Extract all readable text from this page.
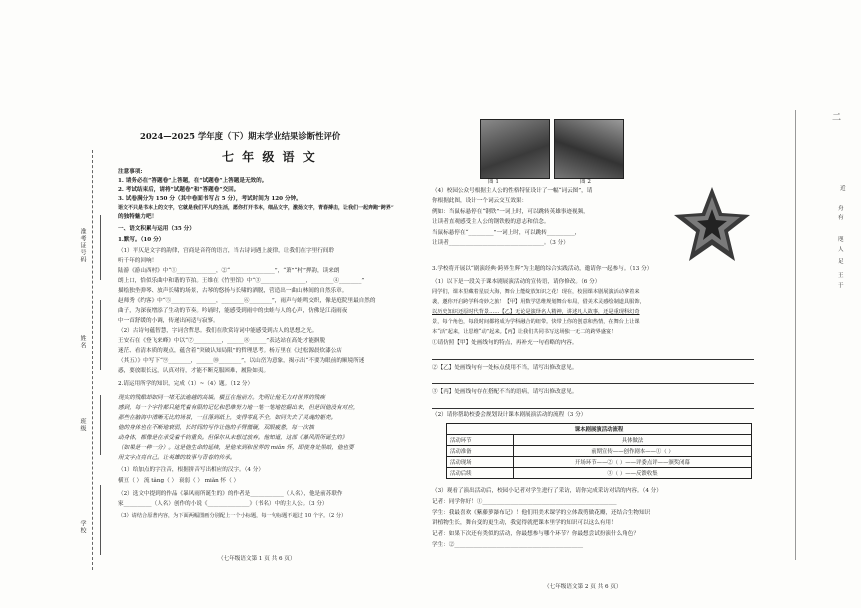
准考证号码
姓名
班级
学校
2024—2025 学年度（下）期末学业结果诊断性评价
七 年 级 语 文
注意事项:
1. 请务必在“答题卷”上答题，在“试题卷”上答题是无效的。
2. 考试结束后，请将“试题卷”和“答题卷”交回。
3. 试卷满分为 150 分（其中卷面书写占 5 分），考试时间为 120 分钟。
语文不只是书本上的文字，它就是我们平凡的生活，愿你打开书本，细品文字，激扬文字，青春搏击，让我们一起奔跑“跨界”
的独特魅力吧！
一、语文积累与运用（35 分）
1.默写。（10 分）
（1）平仄是文字的韵律，宫商是音符的语言，当古诗词遇上旋律，让我们在字里行间聆
听千年的回响！
陆游《游山西村》中“①______________，②“________________”，“萧”“村”押韵，读来朗
朗上口，恰似乐曲中和谐的节拍。王维在《竹里馆》中“③________________，________④________”
描绘独坐弹琴、放声长啸的场景，古琴的悠扬与长啸的洒脱，营造出一曲山林间的自然乐章。
赵师秀《约客》中“⑤________________，________⑥________”，雨声与蛙鸣交织，像是庭院里最自然的
曲子，为深夜增添了生动的节奏。吟诵时，能感受到雨中的虫蛙与人的心声，仿佛是江南雨夜
中一首舒缓的小调，传递出闲适与寂寥。
（2）古诗句蕴智慧，字词含哲思。我们在欣赏诗词中能感受到古人的思想之光。
王安石在《登飞来峰》中以“⑦__________，______⑧______”表达站在高处才能摒脱
迷茫、看清本质的观点，蕴含着“突破认知局限”的哲理思考。杨万里在《过松源晨炊漆公店
（其五）》中写下“⑨________，______⑩________”，以山峦为意象，揭示出“不要为眼前的顺境所迷
惑，要放眼长远，认真对待，才能不断克服困难，履险如夷。
2.请运用所学的知识，完成（1）~（4）题。（12 分）
现实的残酷却如同一堵无法逾越的高墙。横亘在他前方。先明让他无力对世界的残疾
感到，每一个字符都只能凭着有限的记忆和思维努力地一笔一笔地挖掘出来，但是因他没有对应，
那些在脑海中清晰无比的场景，一旦落到纸上，变得零乱不全，如同失去了灵魂的躯壳。
他的身体也在不断地衰弱，长时间的写作让他的手臂僵硬，双眼疲惫，每一次抽
动身体，都像是在承受着千钧重负。但保尔从未想过放弃。他知道，这部《暴风雨所诞生的》
（如果是一种一分）。这是他生命的延续，是他来到和世界的 miǎn 怀，即使身处黑暗，他也要
用文字点亮自己。让英雄的故事与青春的传承。
（1）给加点的字注音，根据拼音写出相应的汉字。（4 分）
横亘（ ） 流 tǎng（ ） 衰弱（ ） miǎn 怀（ ）
（2）选文中提到的作品《暴风雨所诞生的》的作者是____________（人名），他是前苏联作
家__________（人名）创作的小说《_______________》（书名）中的主人公。（3 分）
（3）请结合原著内容，为下面两幅图画分别配上一个小标题，每一句标题不超过 10 个字。（2 分）
（七年级语文第 1 页 共 6 页）
图 1	图 2
（4）校园公众号根据主人公的性格特征设计了一幅“词云图”，请
你根据此图，设计一个词云交互效果：
例如：当鼠标悬停在“钢铁”一词上时，可以跳转英雄事迹视频，
让读者直观感受主人公的钢铁般的意志和信念。
当鼠标悬停在“_________”一词上时，可以跳转__________，
让读者__________________________________。（3 分）
3.学校将开展以“剧演经典·跨界生辉”为主题的综合实践活动，邀请你一起参与。（13 分）
（1）以下是一段关于课本剧展演活动的宣传语，请你修改。（6 分）
同学们，课本里藏着星辰大海，舞台上能绽放知识之花！现在，校园课本剧展演活动拿着来
袭，邀你开启跨学科奇妙之旅！【甲】用数学思维规划舞台布局，借美术灵感绘制道具服饰，
以历史知识还原时代背景……【乙】无论是演绎名人精神，讲述凡人故事，还是重现科幻奇
景，每个角色，每段时间都将成为学科融合的纽带。快带上你的创意和热情，在舞台上让课
本“活”起来，让思维“动”起来。【丙】让我们共同书写这场独一无二的跨界盛宴！
①请仿照【甲】处画线句的特点，再补充一句看略的内容。
②【乙】处画线句有一处标点使用不当，请写出修改意见。
③【丙】处画线句存在搭配不当的语病，请写出修改意见。
（2）请你帮助校委会规划设计课本剧展演活动的流程（3 分）
课本剧展演活动流程	
活动环节	具体做法
活动准备	前期宣传——创作剧本——①（ ）
活动现场	开场环节——②（ ）——评委点评——颁奖闭幕
活动后续	③（ ）——反馈收集
（3）观看了演出活动后，校园小记者对学生进行了采访，请你完成采访对话的内容。（4 分）
记者：同学你好！①________________________________________________
学生：我最喜欢《紫藤萝瀑布记》！他们用美术课学的立体裁剪做花瓣，还结合生物知识
讲植物生长，舞台变的更生动，我觉得就把课本里学的知识可以这么有用！
记者：如果下次还有类似的活动，你最想参与哪个环节？你最想尝试扮演什么角色？
学生：②______________________________________________
（七年级语文第 2 页 共 6 页）
二
近
舟
有
咫
人
足
王
于
